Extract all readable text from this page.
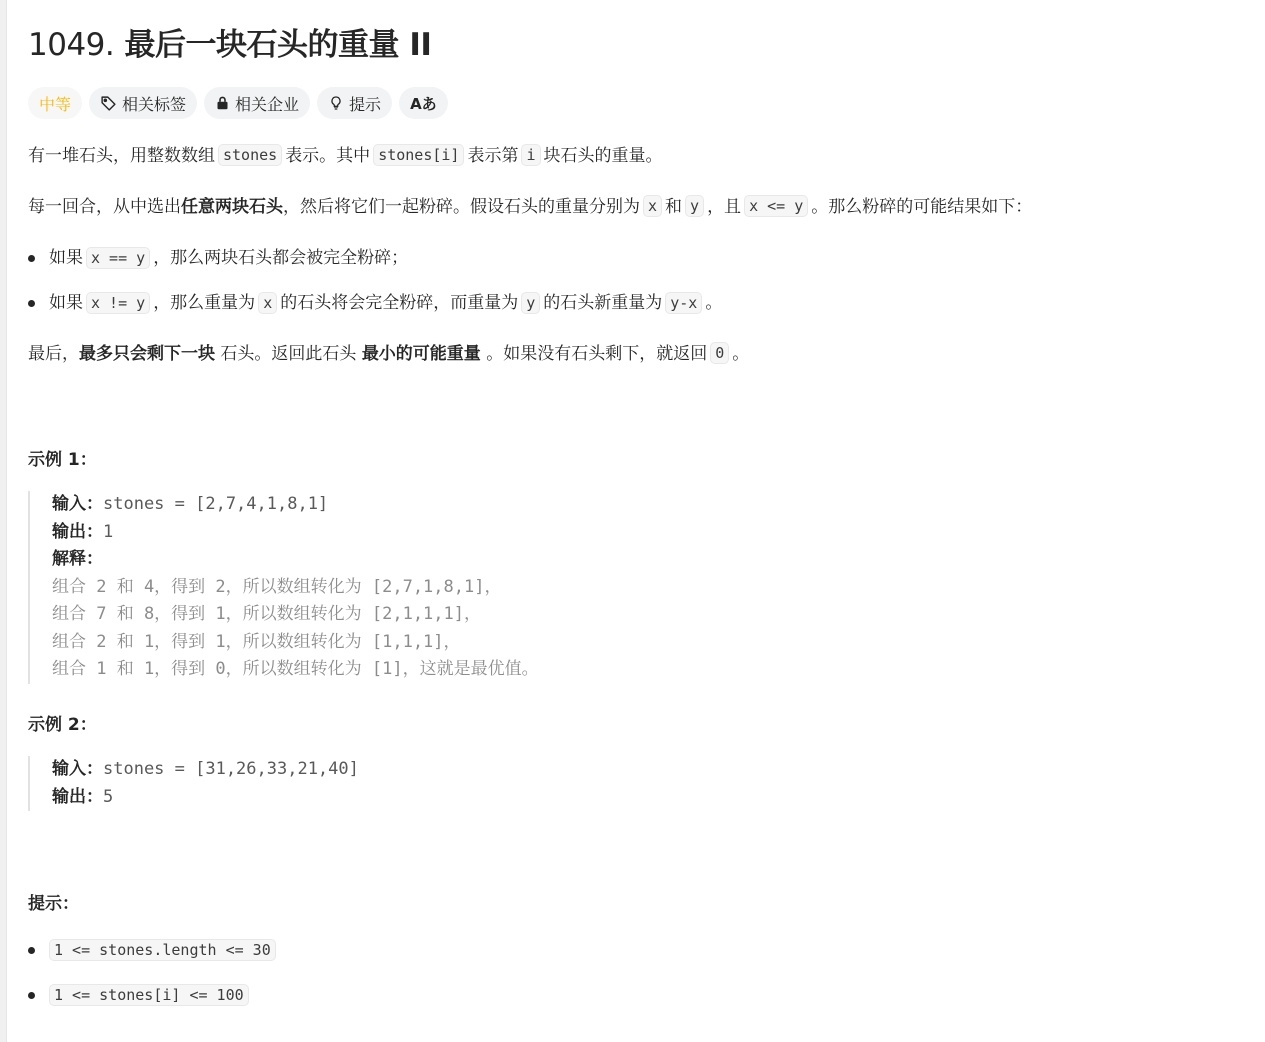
1049. 最后一块石头的重量 II
中等	相关标签	相关企业	提示 Aあ

有一堆石头，用整数数组 stones 表示。其中 stones[i] 表示第 i 块石头的重量。

每一回合，从中选出任意两块石头，然后将它们一起粉碎。假设石头的重量分别为 x 和 y ，且 x <= y 。那么粉碎的可能结果如下：

如果 x == y ，那么两块石头都会被完全粉碎；
如果 x != y ，那么重量为 x 的石头将会完全粉碎，而重量为 y 的石头新重量为 y-x 。

最后，最多只会剩下一块 石头。返回此石头 最小的可能重量 。如果没有石头剩下，就返回 0 。

示例 1：

输入：stones = [2,7,4,1,8,1]
输出：1
解释：
组合 2 和 4，得到 2，所以数组转化为 [2,7,1,8,1]，
组合 7 和 8，得到 1，所以数组转化为 [2,1,1,1]，
组合 2 和 1，得到 1，所以数组转化为 [1,1,1]，
组合 1 和 1，得到 0，所以数组转化为 [1]，这就是最优值。

示例 2：

输入：stones = [31,26,33,21,40]
输出：5

提示：

1 <= stones.length <= 30
1 <= stones[i] <= 100
